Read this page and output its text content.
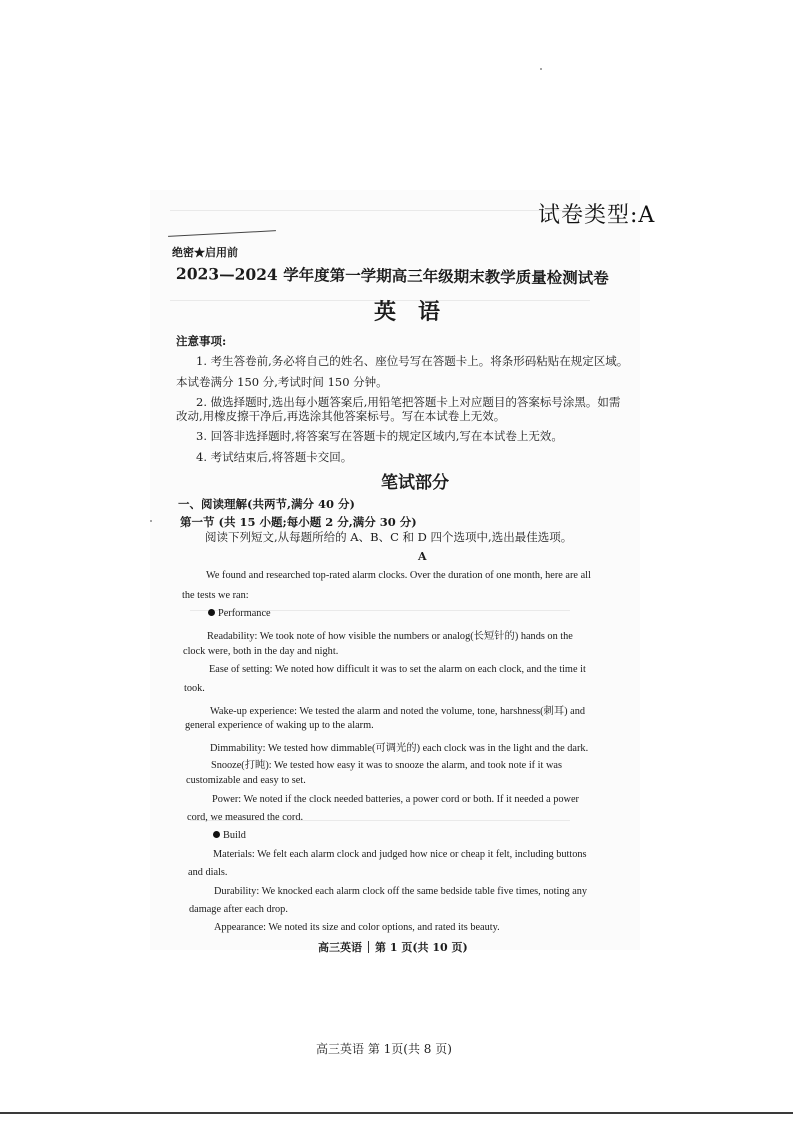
试卷类型:A
绝密★启用前
2023—2024 学年度第一学期高三年级期末教学质量检测试卷
英语
注意事项:
1. 考生答卷前,务必将自己的姓名、座位号写在答题卡上。将条形码粘贴在规定区域。
本试卷满分 150 分,考试时间 150 分钟。
2. 做选择题时,选出每小题答案后,用铅笔把答题卡上对应题目的答案标号涂黑。如需
改动,用橡皮擦干净后,再选涂其他答案标号。写在本试卷上无效。
3. 回答非选择题时,将答案写在答题卡的规定区域内,写在本试卷上无效。
4. 考试结束后,将答题卡交回。
笔试部分
一、阅读理解(共两节,满分 40 分)
第一节 (共 15 小题;每小题 2 分,满分 30 分)
阅读下列短文,从每题所给的 A、B、C 和 D 四个选项中,选出最佳选项。
A
We found and researched top-rated alarm clocks. Over the duration of one month, here are all
the tests we ran:
Performance
Readability: We took note of how visible the numbers or analog(长短针的) hands on the
clock were, both in the day and night.
Ease of setting: We noted how difficult it was to set the alarm on each clock, and the time it
took.
Wake-up experience: We tested the alarm and noted the volume, tone, harshness(刺耳) and
general experience of waking up to the alarm.
Dimmability: We tested how dimmable(可调光的) each clock was in the light and the dark.
Snooze(打盹): We tested how easy it was to snooze the alarm, and took note if it was
customizable and easy to set.
Power: We noted if the clock needed batteries, a power cord or both. If it needed a power
cord, we measured the cord.
Build
Materials: We felt each alarm clock and judged how nice or cheap it felt, including buttons
and dials.
Durability: We knocked each alarm clock off the same bedside table five times, noting any
damage after each drop.
Appearance: We noted its size and color options, and rated its beauty.
高三英语 第 1 页(共 10 页)
高三英语 第 1页(共 8 页)
